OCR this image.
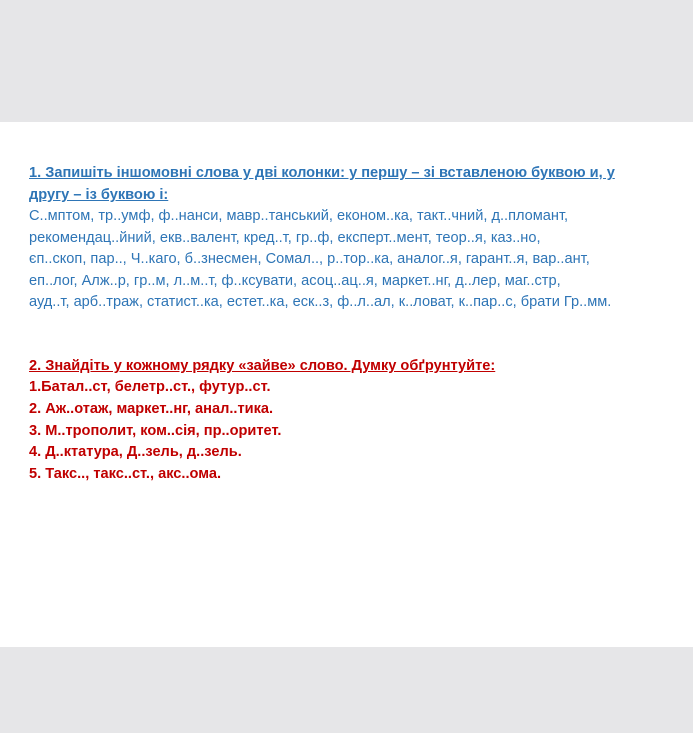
1. Запишіть іншомовні слова у дві колонки: у першу – зі вставленою буквою и, у
другу – із буквою і:

С..мптом, тр..умф, ф..нанси, мавр..танський, економ..ка, такт..чний, д..пломант,
рекомендац..йний, екв..валент, кред..т, гр..ф, експерт..мент, теор..я, каз..но,
єп..скоп, пар.., Ч..каго, б..знесмен, Сомал.., р..тор..ка, аналог..я, гарант..я, вар..ант,
еп..лог, Алж..р, гр..м, л..м..т, ф..ксувати, асоц..ац..я, маркет..нг, д..лер, маг..стр,
ауд..т, арб..траж, статист..ка, естет..ка, еск..з, ф..л..ал, к..ловат, к..пар..с, брати Гр..мм.

2. Знайдіть у кожному рядку «зайве» слово. Думку обґрунтуйте:

1.Батал..ст, белетр..ст., футур..ст.

2. Аж..отаж, маркет..нг, анал..тика.

3. М..трополит, ком..сія, пр..оритет.

4. Д..ктатура, Д..зель, д..зель.

5. Такс.., такс..ст., акс..ома.
